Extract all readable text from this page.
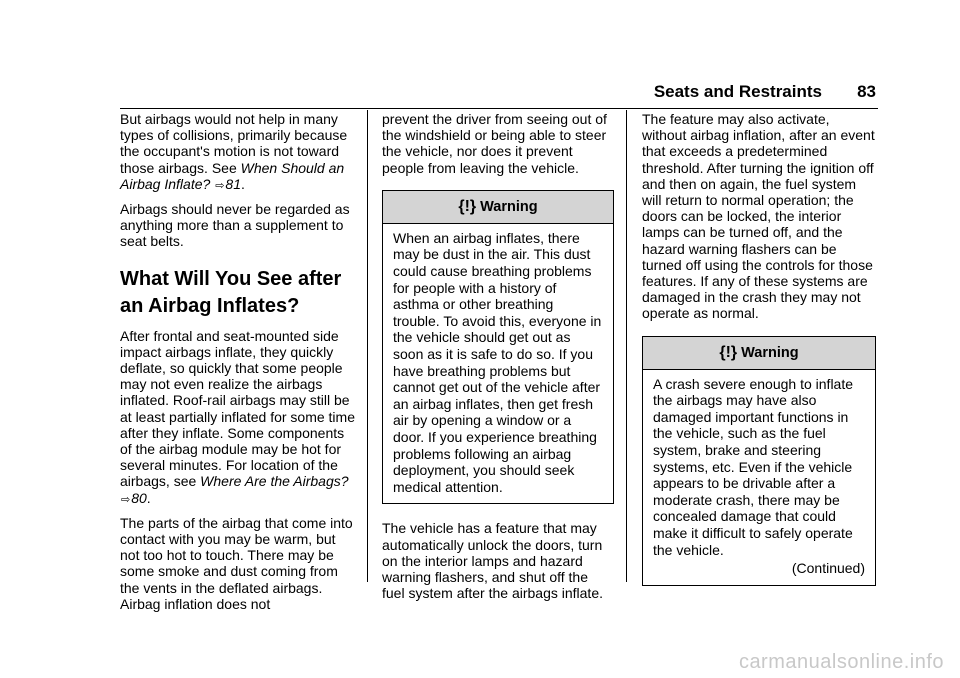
Seats and Restraints 83

But airbags would not help in many types of collisions, primarily because the occupant's motion is not toward those airbags. See When Should an Airbag Inflate? ⇨81.

Airbags should never be regarded as anything more than a supplement to seat belts.

What Will You See after an Airbag Inflates?

After frontal and seat-mounted side impact airbags inflate, they quickly deflate, so quickly that some people may not even realize the airbags inflated. Roof-rail airbags may still be at least partially inflated for some time after they inflate. Some components of the airbag module may be hot for several minutes. For location of the airbags, see Where Are the Airbags? ⇨80.

The parts of the airbag that come into contact with you may be warm, but not too hot to touch. There may be some smoke and dust coming from the vents in the deflated airbags. Airbag inflation does not

prevent the driver from seeing out of the windshield or being able to steer the vehicle, nor does it prevent people from leaving the vehicle.

{!} Warning
When an airbag inflates, there may be dust in the air. This dust could cause breathing problems for people with a history of asthma or other breathing trouble. To avoid this, everyone in the vehicle should get out as soon as it is safe to do so. If you have breathing problems but cannot get out of the vehicle after an airbag inflates, then get fresh air by opening a window or a door. If you experience breathing problems following an airbag deployment, you should seek medical attention.

The vehicle has a feature that may automatically unlock the doors, turn on the interior lamps and hazard warning flashers, and shut off the fuel system after the airbags inflate.

The feature may also activate, without airbag inflation, after an event that exceeds a predetermined threshold. After turning the ignition off and then on again, the fuel system will return to normal operation; the doors can be locked, the interior lamps can be turned off, and the hazard warning flashers can be turned off using the controls for those features. If any of these systems are damaged in the crash they may not operate as normal.

{!} Warning
A crash severe enough to inflate the airbags may have also damaged important functions in the vehicle, such as the fuel system, brake and steering systems, etc. Even if the vehicle appears to be drivable after a moderate crash, there may be concealed damage that could make it difficult to safely operate the vehicle.
(Continued)
carmanualsonline.info
